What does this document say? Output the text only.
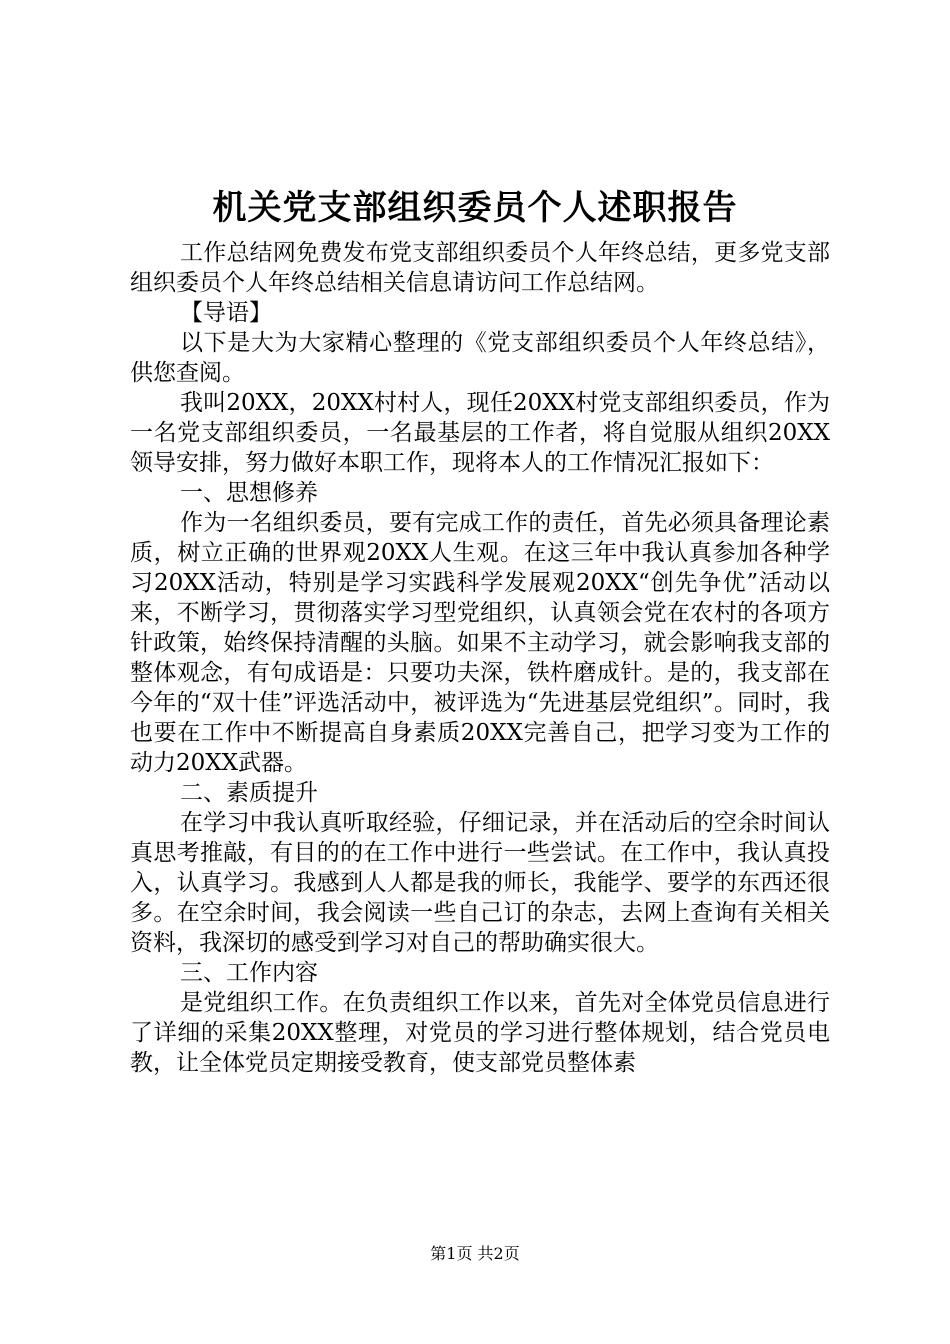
机关党支部组织委员个人述职报告

工作总结网免费发布党支部组织委员个人年终总结，更多党支部组织委员个人年终总结相关信息请访问工作总结网。

【导语】

以下是大为大家精心整理的《党支部组织委员个人年终总结》，供您查阅。

我叫20XX，20XX村村人，现任20XX村党支部组织委员，作为一名党支部组织委员，一名最基层的工作者，将自觉服从组织20XX领导安排，努力做好本职工作，现将本人的工作情况汇报如下：

一、思想修养

作为一名组织委员，要有完成工作的责任，首先必须具备理论素质，树立正确的世界观20XX人生观。在这三年中我认真参加各种学习20XX活动，特别是学习实践科学发展观20XX“创先争优”活动以来，不断学习，贯彻落实学习型党组织，认真领会党在农村的各项方针政策，始终保持清醒的头脑。如果不主动学习，就会影响我支部的整体观念，有句成语是：只要功夫深，铁杵磨成针。是的，我支部在今年的“双十佳”评选活动中，被评选为“先进基层党组织”。同时，我也要在工作中不断提高自身素质20XX完善自己，把学习变为工作的动力20XX武器。

二、素质提升

在学习中我认真听取经验，仔细记录，并在活动后的空余时间认真思考推敲，有目的的在工作中进行一些尝试。在工作中，我认真投入，认真学习。我感到人人都是我的师长，我能学、要学的东西还很多。在空余时间，我会阅读一些自己订的杂志，去网上查询有关相关资料，我深切的感受到学习对自己的帮助确实很大。

三、工作内容

是党组织工作。在负责组织工作以来，首先对全体党员信息进行了详细的采集20XX整理，对党员的学习进行整体规划，结合党员电教，让全体党员定期接受教育，使支部党员整体素

第1页 共2页
